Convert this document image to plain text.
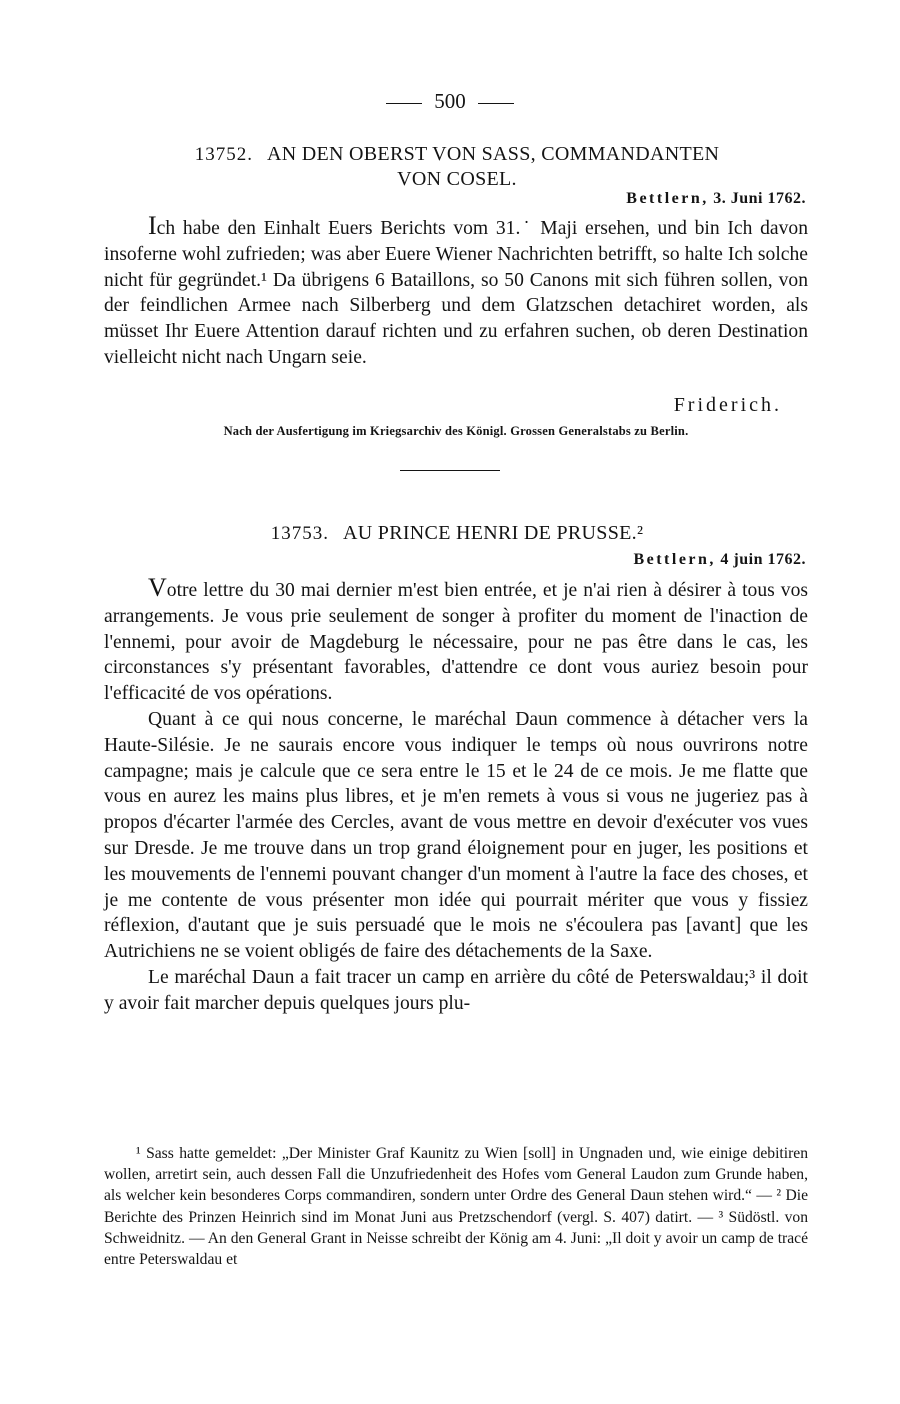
500
13752. AN DEN OBERST VON SASS, COMMANDANTEN
VON COSEL.
Bettlern, 3. Juni 1762.

Ich habe den Einhalt Euers Berichts vom 31.˙ Maji ersehen, und bin Ich davon insoferne wohl zufrieden; was aber Euere Wiener Nachrichten betrifft, so halte Ich solche nicht für gegründet.¹ Da übrigens 6 Bataillons, so 50 Canons mit sich führen sollen, von der feindlichen Armee nach Silberberg und dem Glatzschen detachiret worden, als müsset Ihr Euere Attention darauf richten und zu erfahren suchen, ob deren Destination vielleicht nicht nach Ungarn seie.

Friderich.
Nach der Ausfertigung im Kriegsarchiv des Königl. Grossen Generalstabs zu Berlin.
13753. AU PRINCE HENRI DE PRUSSE.²
Bettlern, 4 juin 1762.

Votre lettre du 30 mai dernier m'est bien entrée, et je n'ai rien à désirer à tous vos arrangements. Je vous prie seulement de songer à profiter du moment de l'inaction de l'ennemi, pour avoir de Magdeburg le nécessaire, pour ne pas être dans le cas, les circonstances s'y présentant favorables, d'attendre ce dont vous auriez besoin pour l'efficacité de vos opérations.

Quant à ce qui nous concerne, le maréchal Daun commence à détacher vers la Haute-Silésie. Je ne saurais encore vous indiquer le temps où nous ouvrirons notre campagne; mais je calcule que ce sera entre le 15 et le 24 de ce mois. Je me flatte que vous en aurez les mains plus libres, et je m'en remets à vous si vous ne jugeriez pas à propos d'écarter l'armée des Cercles, avant de vous mettre en devoir d'exécuter vos vues sur Dresde. Je me trouve dans un trop grand éloignement pour en juger, les positions et les mouvements de l'ennemi pouvant changer d'un moment à l'autre la face des choses, et je me contente de vous présenter mon idée qui pourrait mériter que vous y fissiez réflexion, d'autant que je suis persuadé que le mois ne s'écoulera pas [avant] que les Autrichiens ne se voient obligés de faire des détachements de la Saxe.

Le maréchal Daun a fait tracer un camp en arrière du côté de Peterswaldau;³ il doit y avoir fait marcher depuis quelques jours plu-

¹ Sass hatte gemeldet: „Der Minister Graf Kaunitz zu Wien [soll] in Ungnaden und, wie einige debitiren wollen, arretirt sein, auch dessen Fall die Unzufriedenheit des Hofes vom General Laudon zum Grunde haben, als welcher kein besonderes Corps commandiren, sondern unter Ordre des General Daun stehen wird.“ — ² Die Berichte des Prinzen Heinrich sind im Monat Juni aus Pretzschendorf (vergl. S. 407) datirt. — ³ Südöstl. von Schweidnitz. — An den General Grant in Neisse schreibt der König am 4. Juni: „Il doit y avoir un camp de tracé entre Peterswaldau et
